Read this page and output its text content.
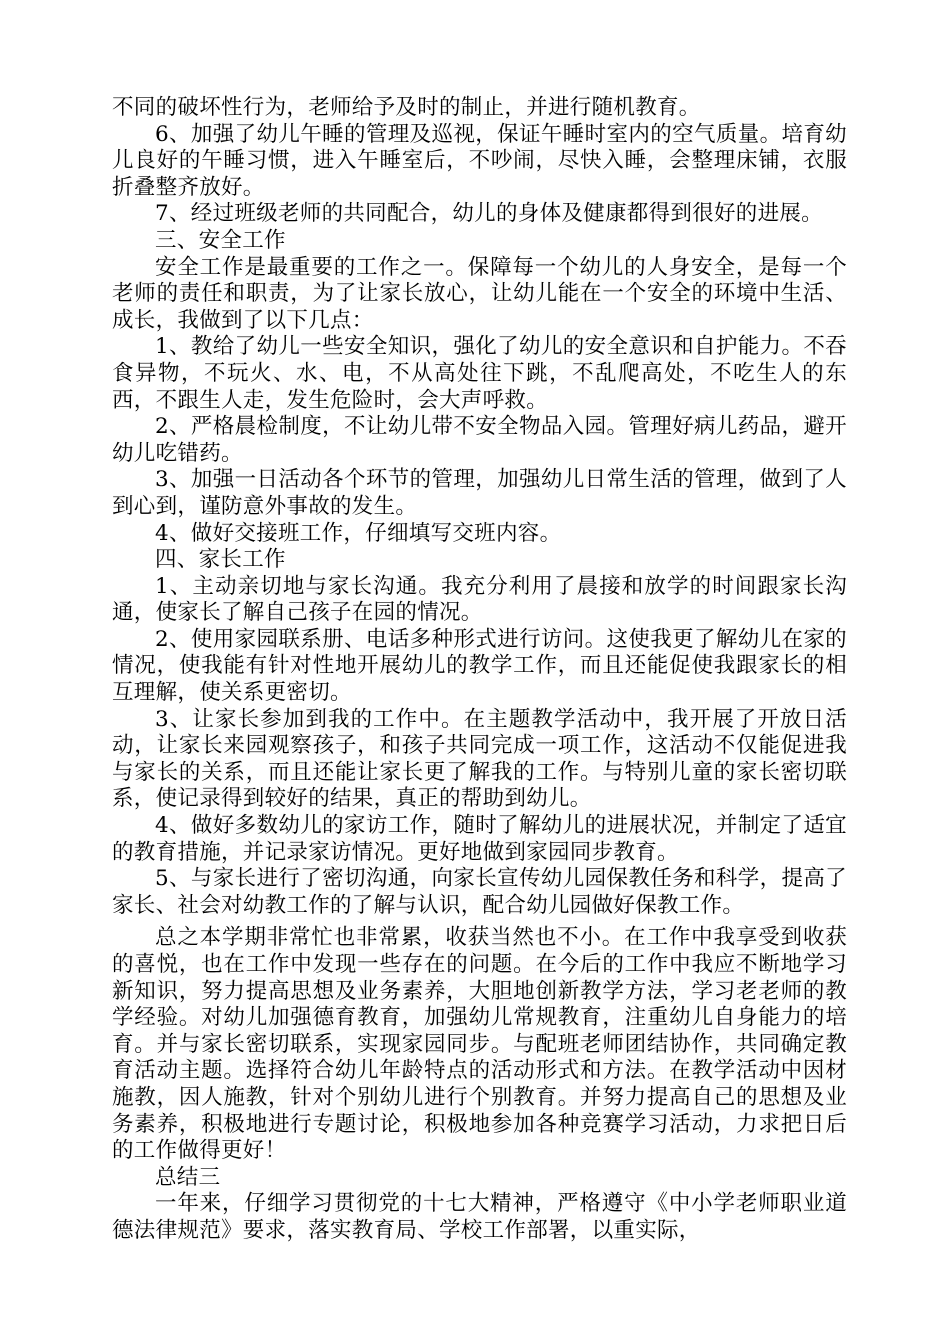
不同的破坏性行为，老师给予及时的制止，并进行随机教育。

6、加强了幼儿午睡的管理及巡视，保证午睡时室内的空气质量。培育幼儿良好的午睡习惯，进入午睡室后，不吵闹，尽快入睡，会整理床铺，衣服折叠整齐放好。

7、经过班级老师的共同配合，幼儿的身体及健康都得到很好的进展。

三、安全工作

安全工作是最重要的工作之一。保障每一个幼儿的人身安全，是每一个老师的责任和职责，为了让家长放心，让幼儿能在一个安全的环境中生活、成长，我做到了以下几点：

1、教给了幼儿一些安全知识，强化了幼儿的安全意识和自护能力。不吞食异物，不玩火、水、电，不从高处往下跳，不乱爬高处，不吃生人的东西，不跟生人走，发生危险时，会大声呼救。

2、严格晨检制度，不让幼儿带不安全物品入园。管理好病儿药品，避开幼儿吃错药。

3、加强一日活动各个环节的管理，加强幼儿日常生活的管理，做到了人到心到，谨防意外事故的发生。

4、做好交接班工作，仔细填写交班内容。

四、家长工作

1、主动亲切地与家长沟通。我充分利用了晨接和放学的时间跟家长沟通，使家长了解自己孩子在园的情况。

2、使用家园联系册、电话多种形式进行访问。这使我更了解幼儿在家的情况，使我能有针对性地开展幼儿的教学工作，而且还能促使我跟家长的相互理解，使关系更密切。

3、让家长参加到我的工作中。在主题教学活动中，我开展了开放日活动，让家长来园观察孩子，和孩子共同完成一项工作，这活动不仅能促进我与家长的关系，而且还能让家长更了解我的工作。与特别儿童的家长密切联系，使记录得到较好的结果，真正的帮助到幼儿。

4、做好多数幼儿的家访工作，随时了解幼儿的进展状况，并制定了适宜的教育措施，并记录家访情况。更好地做到家园同步教育。

5、与家长进行了密切沟通，向家长宣传幼儿园保教任务和科学，提高了家长、社会对幼教工作的了解与认识，配合幼儿园做好保教工作。

总之本学期非常忙也非常累，收获当然也不小。在工作中我享受到收获的喜悦，也在工作中发现一些存在的问题。在今后的工作中我应不断地学习新知识，努力提高思想及业务素养，大胆地创新教学方法，学习老老师的教学经验。对幼儿加强德育教育，加强幼儿常规教育，注重幼儿自身能力的培育。并与家长密切联系，实现家园同步。与配班老师团结协作，共同确定教育活动主题。选择符合幼儿年龄特点的活动形式和方法。在教学活动中因材施教，因人施教，针对个别幼儿进行个别教育。并努力提高自己的思想及业务素养，积极地进行专题讨论，积极地参加各种竞赛学习活动，力求把日后的工作做得更好！

总结三

一年来，仔细学习贯彻党的十七大精神，严格遵守《中小学老师职业道德法律规范》要求，落实教育局、学校工作部署，以重实际，
